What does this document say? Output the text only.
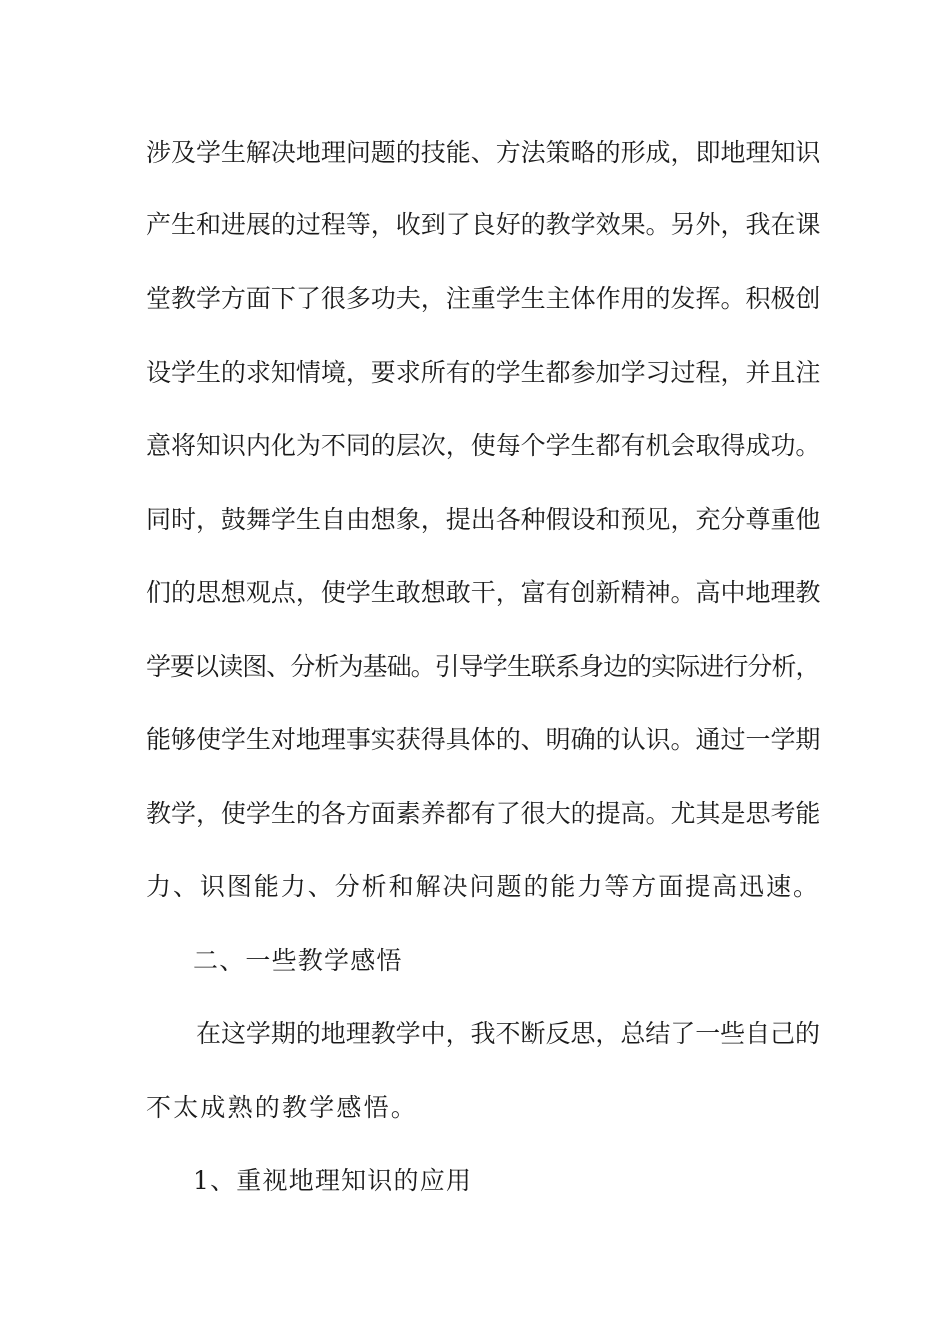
涉及学生解决地理问题的技能、方法策略的形成，即地理知识
产生和进展的过程等，收到了良好的教学效果。另外，我在课
堂教学方面下了很多功夫，注重学生主体作用的发挥。积极创
设学生的求知情境，要求所有的学生都参加学习过程，并且注
意将知识内化为不同的层次，使每个学生都有机会取得成功。
同时，鼓舞学生自由想象，提出各种假设和预见，充分尊重他
们的思想观点，使学生敢想敢干，富有创新精神。高中地理教
学要以读图、分析为基础。引导学生联系身边的实际进行分析，
能够使学生对地理事实获得具体的、明确的认识。通过一学期
教学，使学生的各方面素养都有了很大的提高。尤其是思考能
力、识图能力、分析和解决问题的能力等方面提高迅速。
二、一些教学感悟
在这学期的地理教学中，我不断反思，总结了一些自己的
不太成熟的教学感悟。
1、重视地理知识的应用
